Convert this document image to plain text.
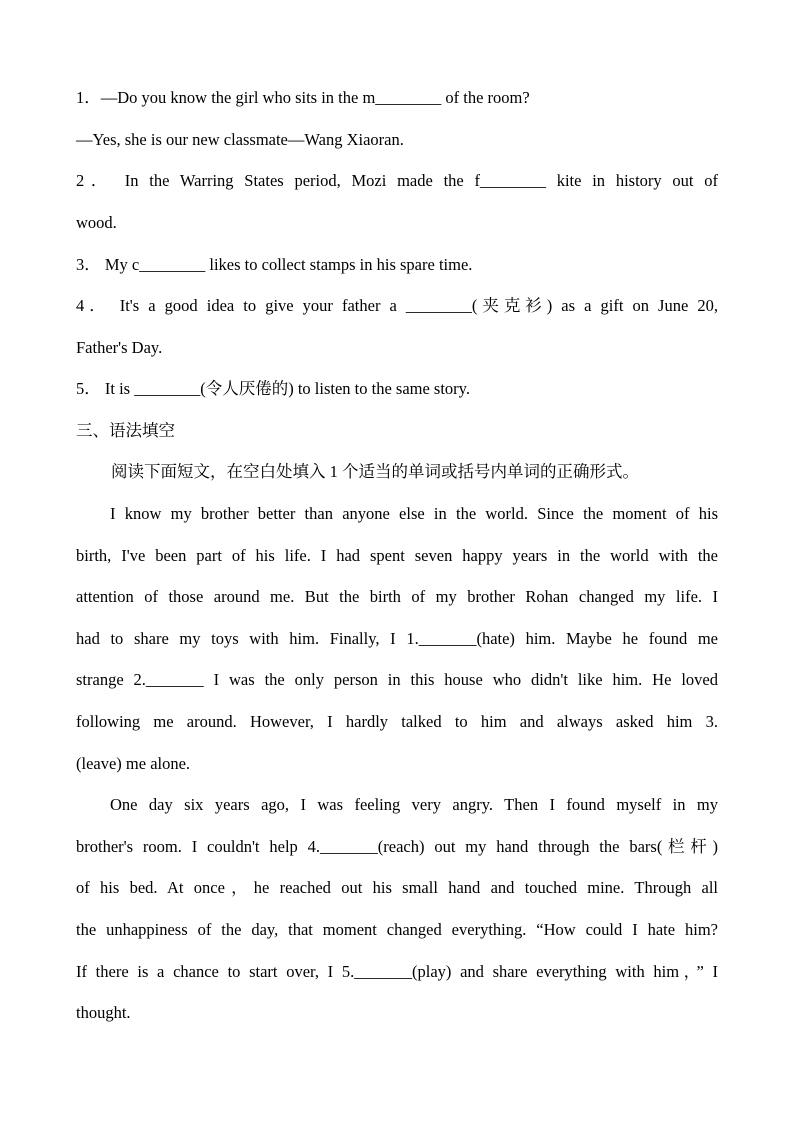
1．—Do you know the girl who sits in the m________ of the room?
—Yes, she is our new classmate—Wang Xiaoran.
2． In the Warring States period, Mozi made the f________ kite in history out of
wood.
3． My c________ likes to collect stamps in his spare time.
4． It's a good idea to give your father a ________(夹克衫) as a gift on June 20,
Father's Day.
5． It is ________(令人厌倦的) to listen to the same story.
三、语法填空
阅读下面短文，在空白处填入 1 个适当的单词或括号内单词的正确形式。
I know my brother better than anyone else in the world. Since the moment of his
birth, I've been part of his life. I had spent seven happy years in the world with the
attention of those around me. But the birth of my brother Rohan changed my life. I
had to share my toys with him. Finally, I 1._______(hate) him. Maybe he found me
strange 2._______ I was the only person in this house who didn't like him. He loved
following me around. However, I hardly talked to him and always asked him 3.
(leave) me alone.
One day six years ago, I was feeling very angry. Then I found myself in my
brother's room. I couldn't help 4._______(reach) out my hand through the bars(栏杆)
of his bed. At once，he reached out his small hand and touched mine. Through all
the unhappiness of the day, that moment changed everything. “How could I hate him?
If there is a chance to start over, I 5._______(play) and share everything with him，” I
thought.
